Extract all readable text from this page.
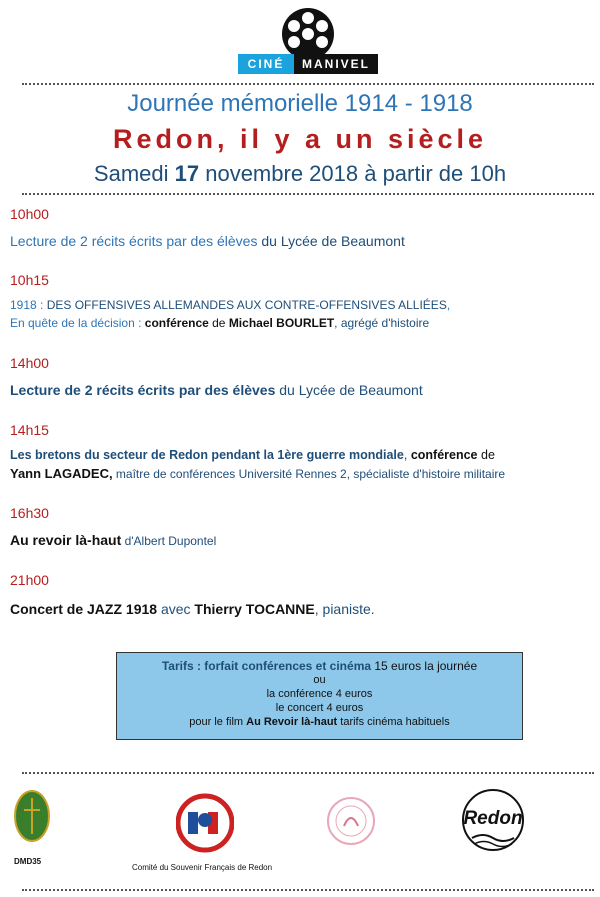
CINÉ	MANIVEL
Journée mémorielle 1914 - 1918
Redon, il y a un siècle
Samedi 17 novembre 2018 à partir de 10h
10h00
Lecture de 2 récits écrits par des élèves du Lycée de Beaumont
10h15
1918 : DES OFFENSIVES ALLEMANDES AUX CONTRE-OFFENSIVES ALLIÉES,
En quête de la décision : conférence de Michael BOURLET, agrégé d'histoire
14h00
Lecture de 2 récits écrits par des élèves du Lycée de Beaumont
14h15
Les bretons du secteur de Redon pendant la 1ère guerre mondiale, conférence de
Yann LAGADEC, maître de conférences Université Rennes 2, spécialiste d'histoire militaire
16h30
Au revoir là-haut d'Albert Dupontel
21h00
Concert de JAZZ 1918 avec Thierry TOCANNE, pianiste.
Tarifs : forfait conférences et cinéma 15 euros la journée
ou
la conférence 4 euros
le concert 4 euros
pour le film Au Revoir là-haut tarifs cinéma habituels
DMD35
Comité du Souvenir Français de Redon
Redon
